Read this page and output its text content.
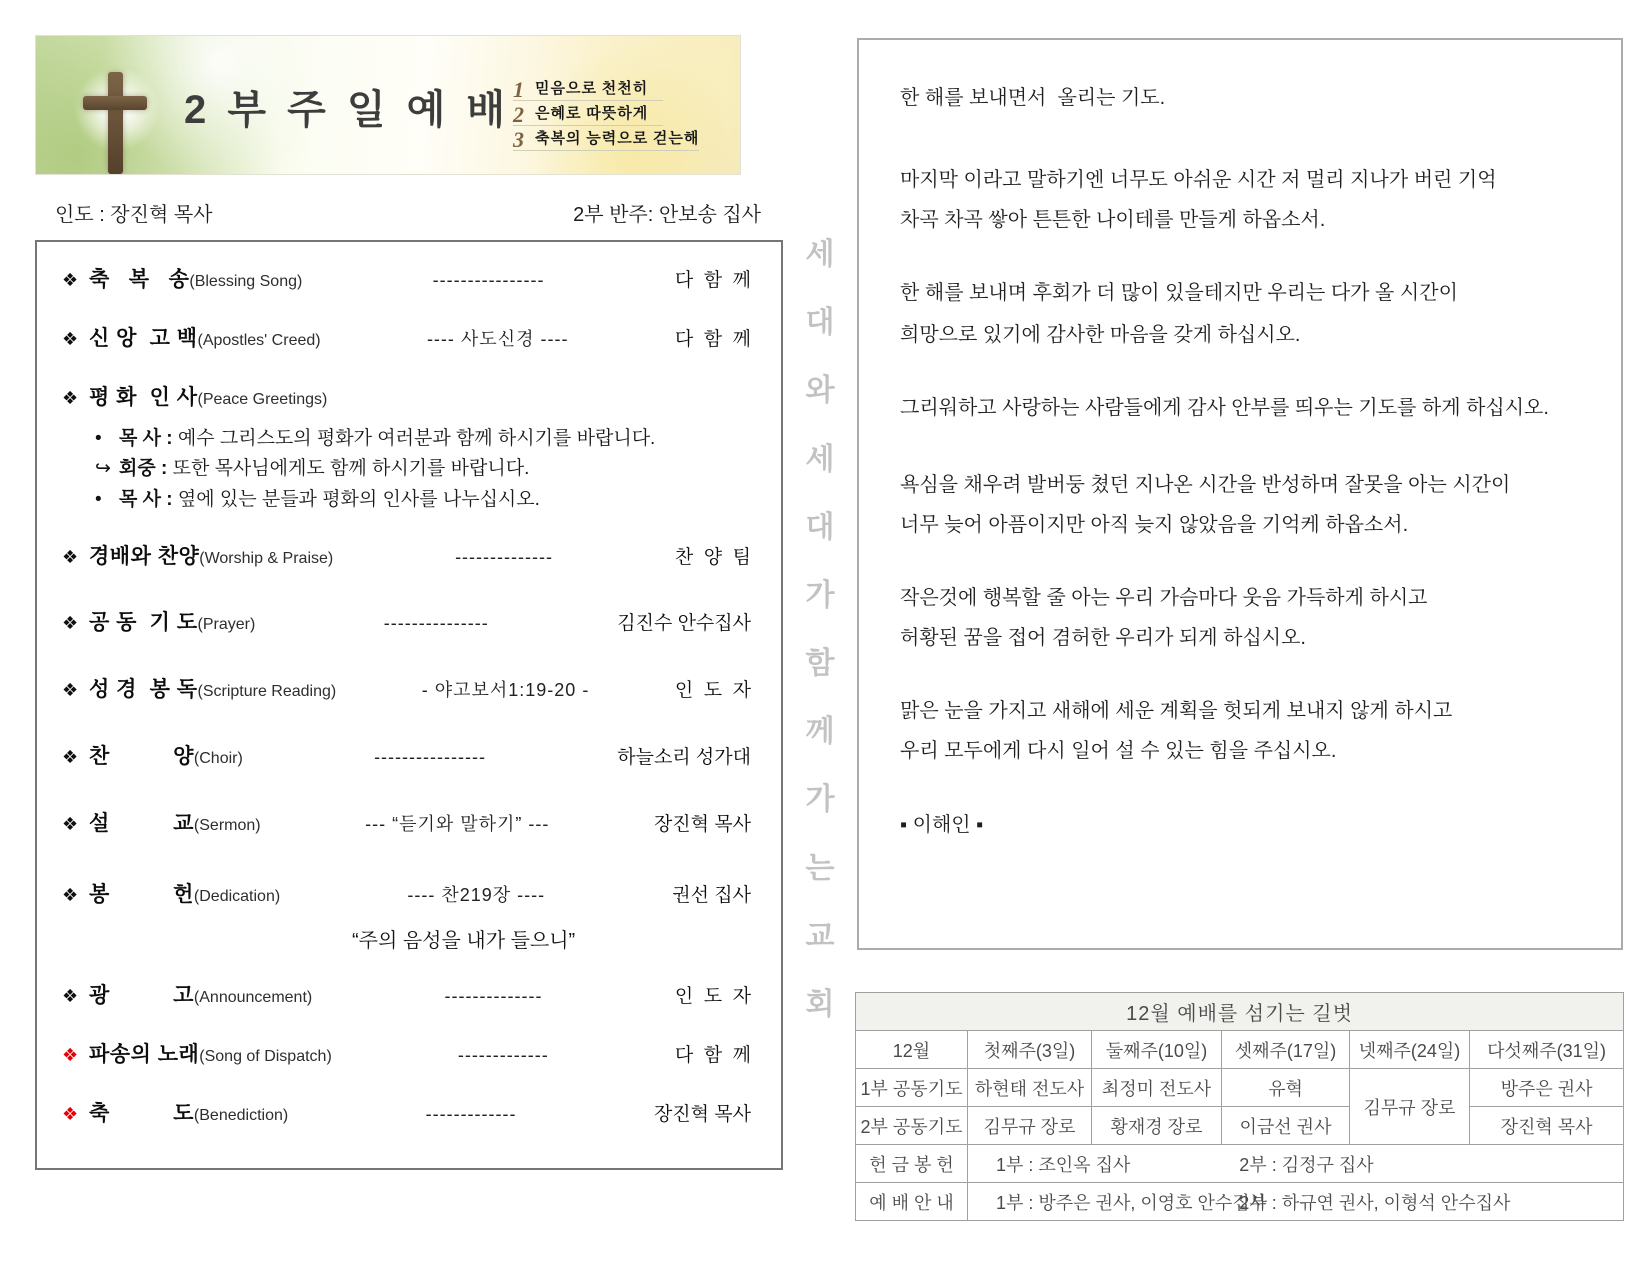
2 부 주 일 예 배 1 믿음으로 천천히
2 은혜로 따뜻하게
3 축복의 능력으로 걷는해
인도 : 장진혁 목사	2부 반주: 안보송 집사
❖ 축   복   송(Blessing Song)	----------------	다  함  께
❖ 신 앙  고 백(Apostles' Creed)	---- 사도신경 ----	다  함  께
❖ 평 화  인 사(Peace Greetings)
• 목 사 : 예수 그리스도의 평화가 여러분과 함께 하시기를 바랍니다.
↪ 회중 : 또한 목사님에게도 함께 하시기를 바랍니다.
• 목 사 : 옆에 있는 분들과 평화의 인사를 나누십시오.
❖ 경배와 찬양(Worship & Praise)	--------------	찬  양  팀
❖ 공 동  기 도(Prayer)	---------------	김진수 안수집사
❖ 성 경  봉 독(Scripture Reading)	- 야고보서1:19-20 -	인  도  자
❖ 찬          양(Choir)	----------------	하늘소리 성가대
❖ 설          교(Sermon)	--- “듣기와 말하기” ---	장진혁 목사
❖ 봉          헌(Dedication)	---- 찬219장 ----	권선 집사
“주의 음성을 내가 들으니”
❖ 광          고(Announcement)	--------------	인  도  자
❖ 파송의 노래(Song of Dispatch)	-------------	다  함  께
❖ 축          도(Benediction)	-------------	장진혁 목사
세
대
와
세
대
가
함
께
가
는
교
회

한 해를 보내면서  올리는 기도.

마지막 이라고 말하기엔 너무도 아쉬운 시간 저 멀리 지나가 버린 기억

차곡 차곡 쌓아 튼튼한 나이테를 만들게 하옵소서.

한 해를 보내며 후회가 더 많이 있을테지만 우리는 다가 올 시간이

희망으로 있기에 감사한 마음을 갖게 하십시오.

그리워하고 사랑하는 사람들에게 감사 안부를 띄우는 기도를 하게 하십시오.

욕심을 채우려 발버둥 쳤던 지나온 시간을 반성하며 잘못을 아는 시간이

너무 늦어 아픔이지만 아직 늦지 않았음을 기억케 하옵소서.

작은것에 행복할 줄 아는 우리 가슴마다 웃음 가득하게 하시고

허황된 꿈을 접어 겸허한 우리가 되게 하십시오.

맑은 눈을 가지고 새해에 세운 계획을 헛되게 보내지 않게 하시고

우리 모두에게 다시 일어 설 수 있는 힘을 주십시오.

▪ 이해인 ▪

12월 예배를 섬기는 길벗					
12월	첫째주(3일)	둘째주(10일)	셋째주(17일)	넷째주(24일)	다섯째주(31일)
1부 공동기도	하현태 전도사	최정미 전도사	유혁	김무규 장로	방주은 권사
2부 공동기도	김무규 장로	황재경 장로	이금선 권사		장진혁 목사
헌 금 봉 헌	1부 : 조인옥 집사 2부 : 김정구 집사				
예 배 안 내	1부 : 방주은 권사, 이영호 안수집사 2부 : 하규연 권사, 이형석 안수집사				
